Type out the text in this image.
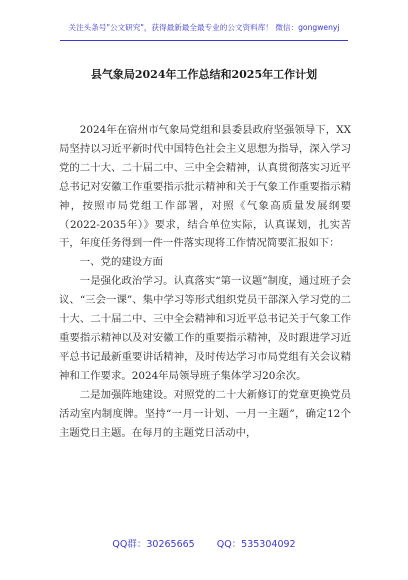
关注头条号"公文研究"，获得最新最全最专业的公文资料库！ 微信：gongwenyj
县气象局2024年工作总结和2025年工作计划

2024年在宿州市气象局党组和县委县政府坚强领导下，XX局坚持以习近平新时代中国特色社会主义思想为指导，深入学习党的二十大、二十届二中、三中全会精神，认真贯彻落实习近平总书记对安徽工作重要指示批示精神和关于气象工作重要指示精神，按照市局党组工作部署，对照《气象高质量发展纲要（2022-2035年）》要求，结合单位实际，认真谋划，扎实苦干，年度任务得到一件一件落实现将工作情况简要汇报如下：

一、党的建设方面

一是强化政治学习。认真落实“第一议题”制度，通过班子会议、“三会一课”、集中学习等形式组织党员干部深入学习党的二十大、二十届二中、三中全会精神和习近平总书记关于气象工作重要指示精神以及对安徽工作的重要指示精神，及时跟进学习近平总书记最新重要讲话精神，及时传达学习市局党组有关会议精神和工作要求。2024年局领导班子集体学习20余次。

二是加强阵地建设。对照党的二十大新修订的党章更换党员活动室内制度牌。坚持“一月一计划、一月一主题”，确定12个主题党日主题。在每月的主题党日活动中，

QQ群：30265665 QQ：535304092
